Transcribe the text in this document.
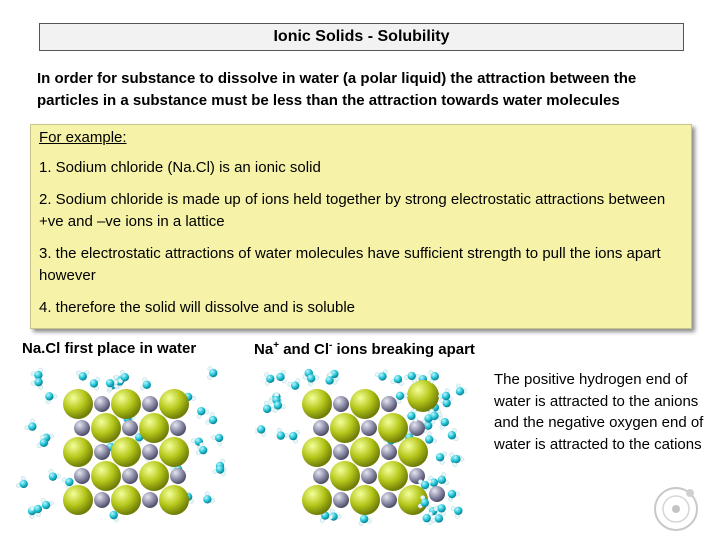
Ionic Solids - Solubility
In order for substance to dissolve in water (a polar liquid) the attraction between the particles in a substance must be less than the attraction towards water molecules

For example:

1. Sodium chloride (Na.Cl) is an ionic solid

2. Sodium chloride is made up of ions held together by strong electrostatic attractions between +ve and –ve ions in a lattice

3. the electrostatic attractions of water molecules have sufficient strength to pull the ions apart however

4. therefore the solid will dissolve and is soluble

Na.Cl first place in water	Na+ and Cl- ions breaking apart
The positive hydrogen end of water is attracted to the anions and the negative oxygen end of water is attracted to the cations
